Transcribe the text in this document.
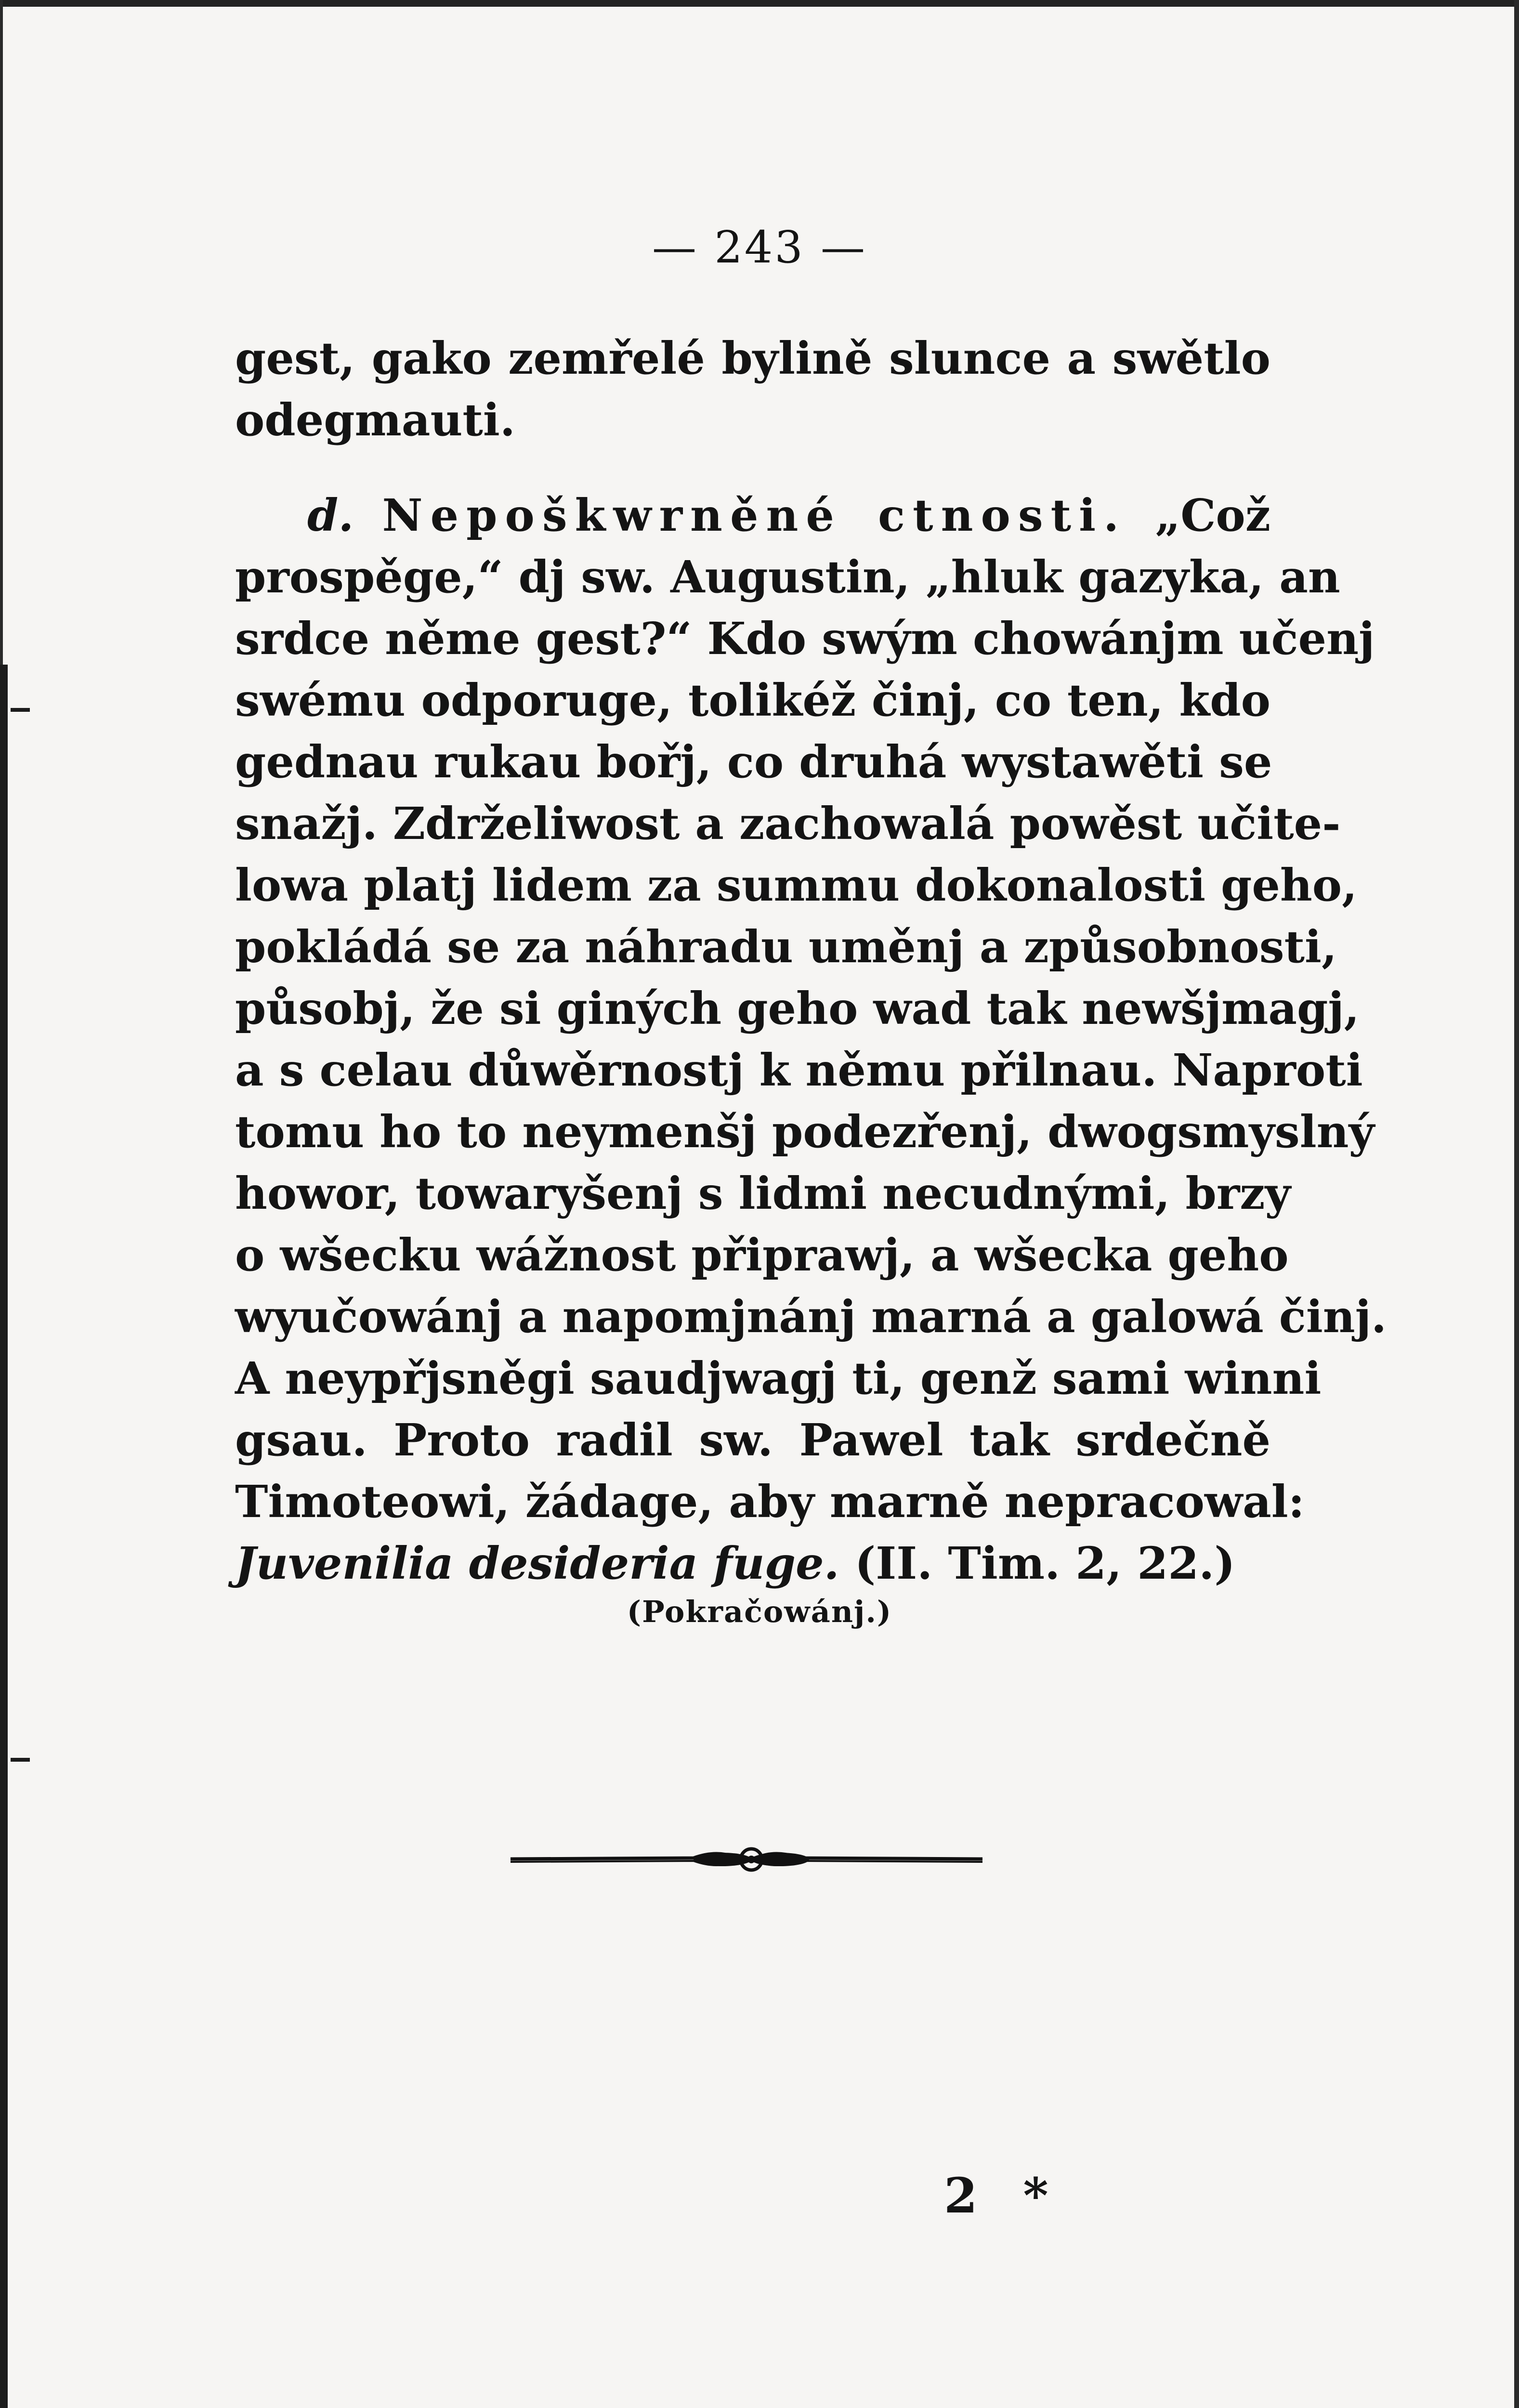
— 243 —
gest, gako zemřelé bylině slunce a swětlo
odegmauti.
d. Nepoškwrněné ctnosti. „Což
prospěge,“ dj sw. Augustin, „hluk gazyka, an
srdce něme gest?“ Kdo swým chowánjm učenj
swému odporuge, tolikéž činj, co ten, kdo
gednau rukau bořj, co druhá wystawěti se
snažj. Zdrželiwost a zachowalá powěst učite-
lowa platj lidem za summu dokonalosti geho,
pokládá se za náhradu uměnj a způsobnosti,
působj, že si giných geho wad tak newšjmagj,
a s celau důwěrnostj k němu přilnau. Naproti
tomu ho to neymenšj podezřenj, dwogsmyslný
howor, towaryšenj s lidmi necudnými, brzy
o wšecku wážnost připrawj, a wšecka geho
wyučowánj a napomjnánj marná a galowá činj.
A neypřjsněgi saudjwagj ti, genž sami winni
gsau. Proto radil sw. Pawel tak srdečně
Timoteowi, žádage, aby marně nepracowal:
Juvenilia desideria fuge. (II. Tim. 2, 22.)
(Pokračowánj.)
2 *
